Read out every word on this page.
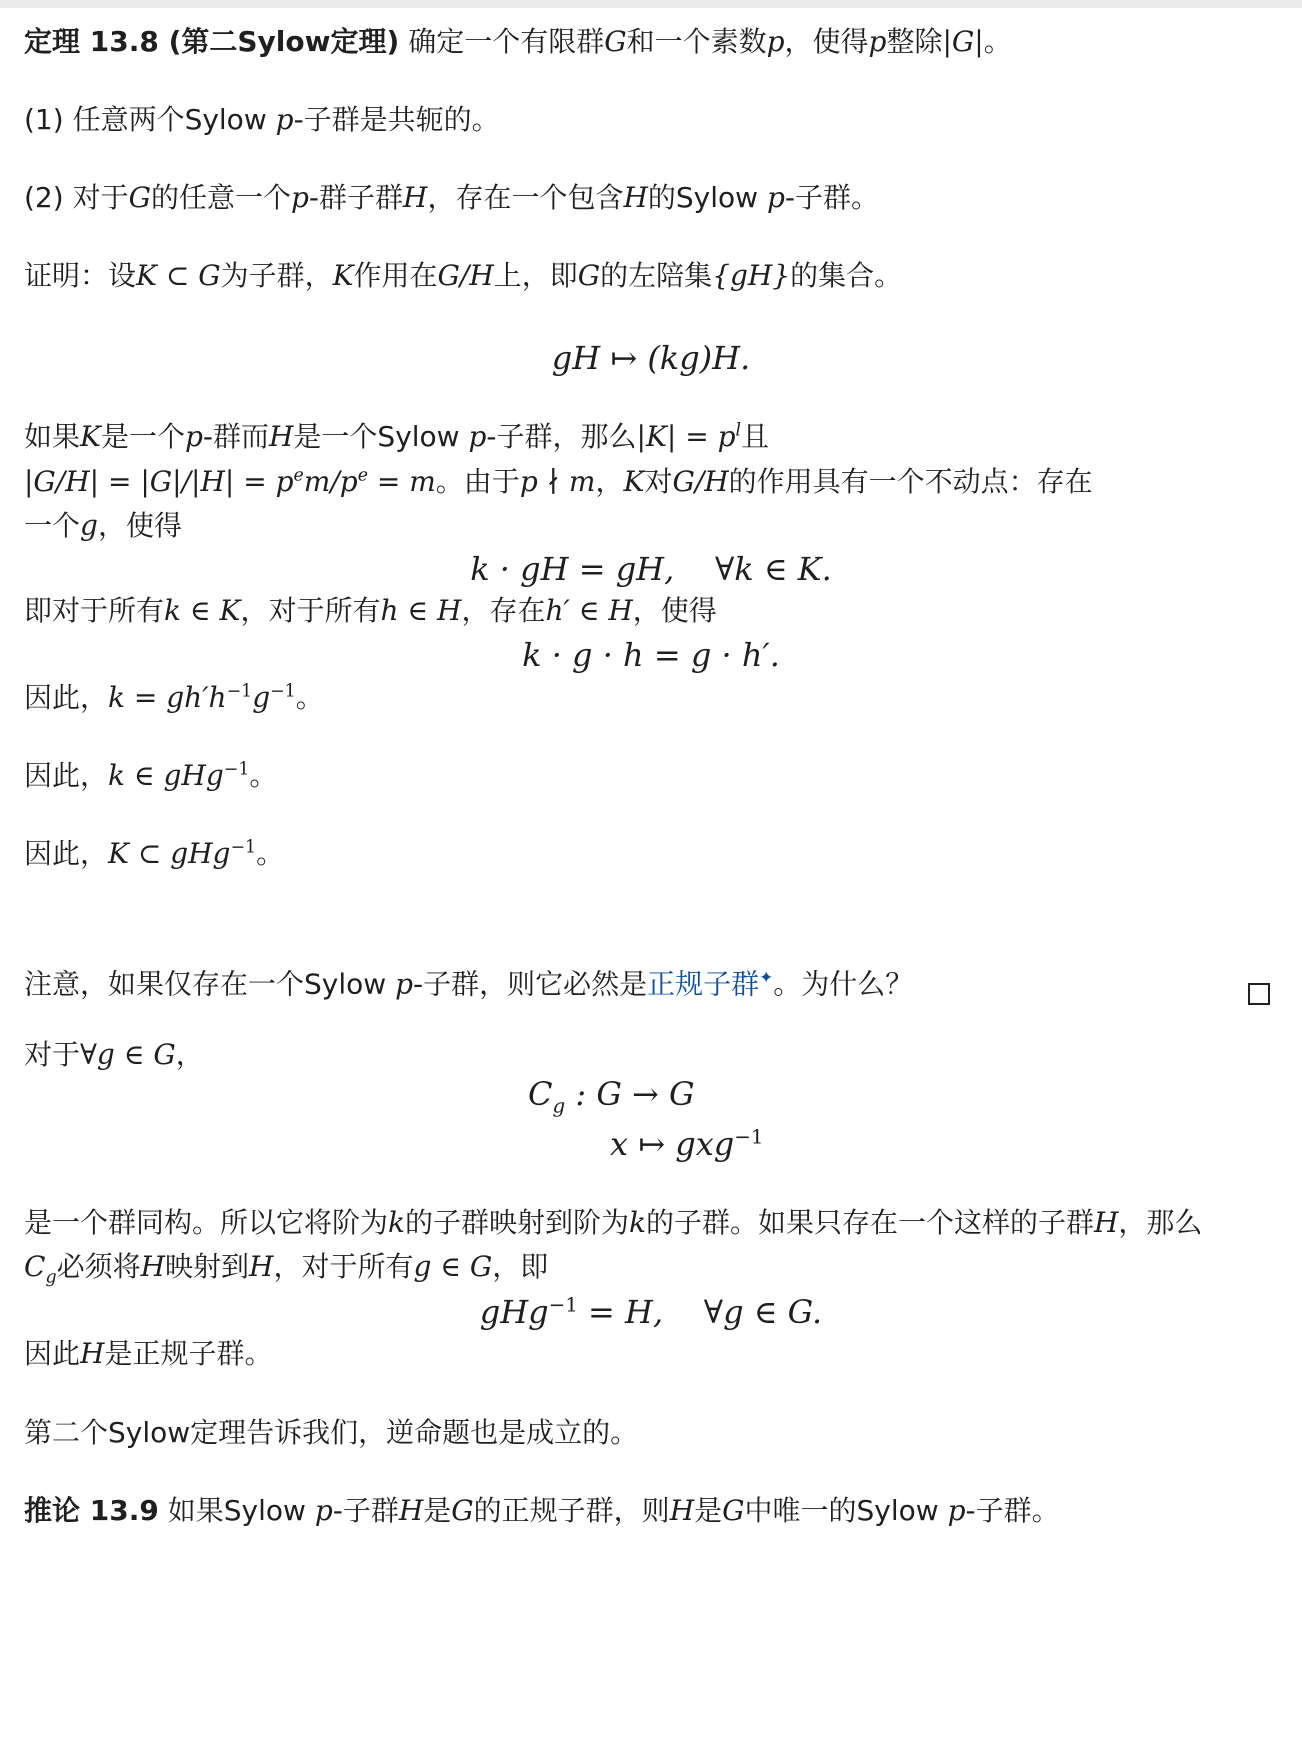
定理 13.8 (第二Sylow定理) 确定一个有限群G和一个素数p，使得p整除|G|。
(1) 任意两个Sylow p-子群是共轭的。
(2) 对于G的任意一个p-群子群H，存在一个包含H的Sylow p-子群。
证明：设K ⊂ G为子群，K作用在G/H上，即G的左陪集{gH}的集合。
gH ↦ (kg)H.
如果K是一个p-群而H是一个Sylow p-子群，那么$|K| = p^l$且
$|G/H| = |G|/|H| = p^em/p^e = m$。由于p ∤ m，K对G/H的作用具有一个不动点：存在
一个g，使得
k · gH = gH,    ∀k ∈ K.
即对于所有k ∈ K，对于所有h ∈ H，存在h′ ∈ H，使得
k · g · h = g · h′.
因此，$k = gh'h^{-1}g^{-1}$。
因此，k ∈ gHg$^{-1}$。
因此，K ⊂ gHg$^{-1}$。
注意，如果仅存在一个Sylow p-子群，则它必然是正规子群✦。为什么？
对于∀g ∈ G，
$C_g$ : G → G
x ↦ gxg$^{-1}$
是一个群同构。所以它将阶为k的子群映射到阶为k的子群。如果只存在一个这样的子群H，那么
$C_g$必须将H映射到H，对于所有g ∈ G，即
gHg$^{-1}$ = H,    ∀g ∈ G.
因此H是正规子群。
第二个Sylow定理告诉我们，逆命题也是成立的。
推论 13.9 如果Sylow p-子群H是G的正规子群，则H是G中唯一的Sylow p-子群。
